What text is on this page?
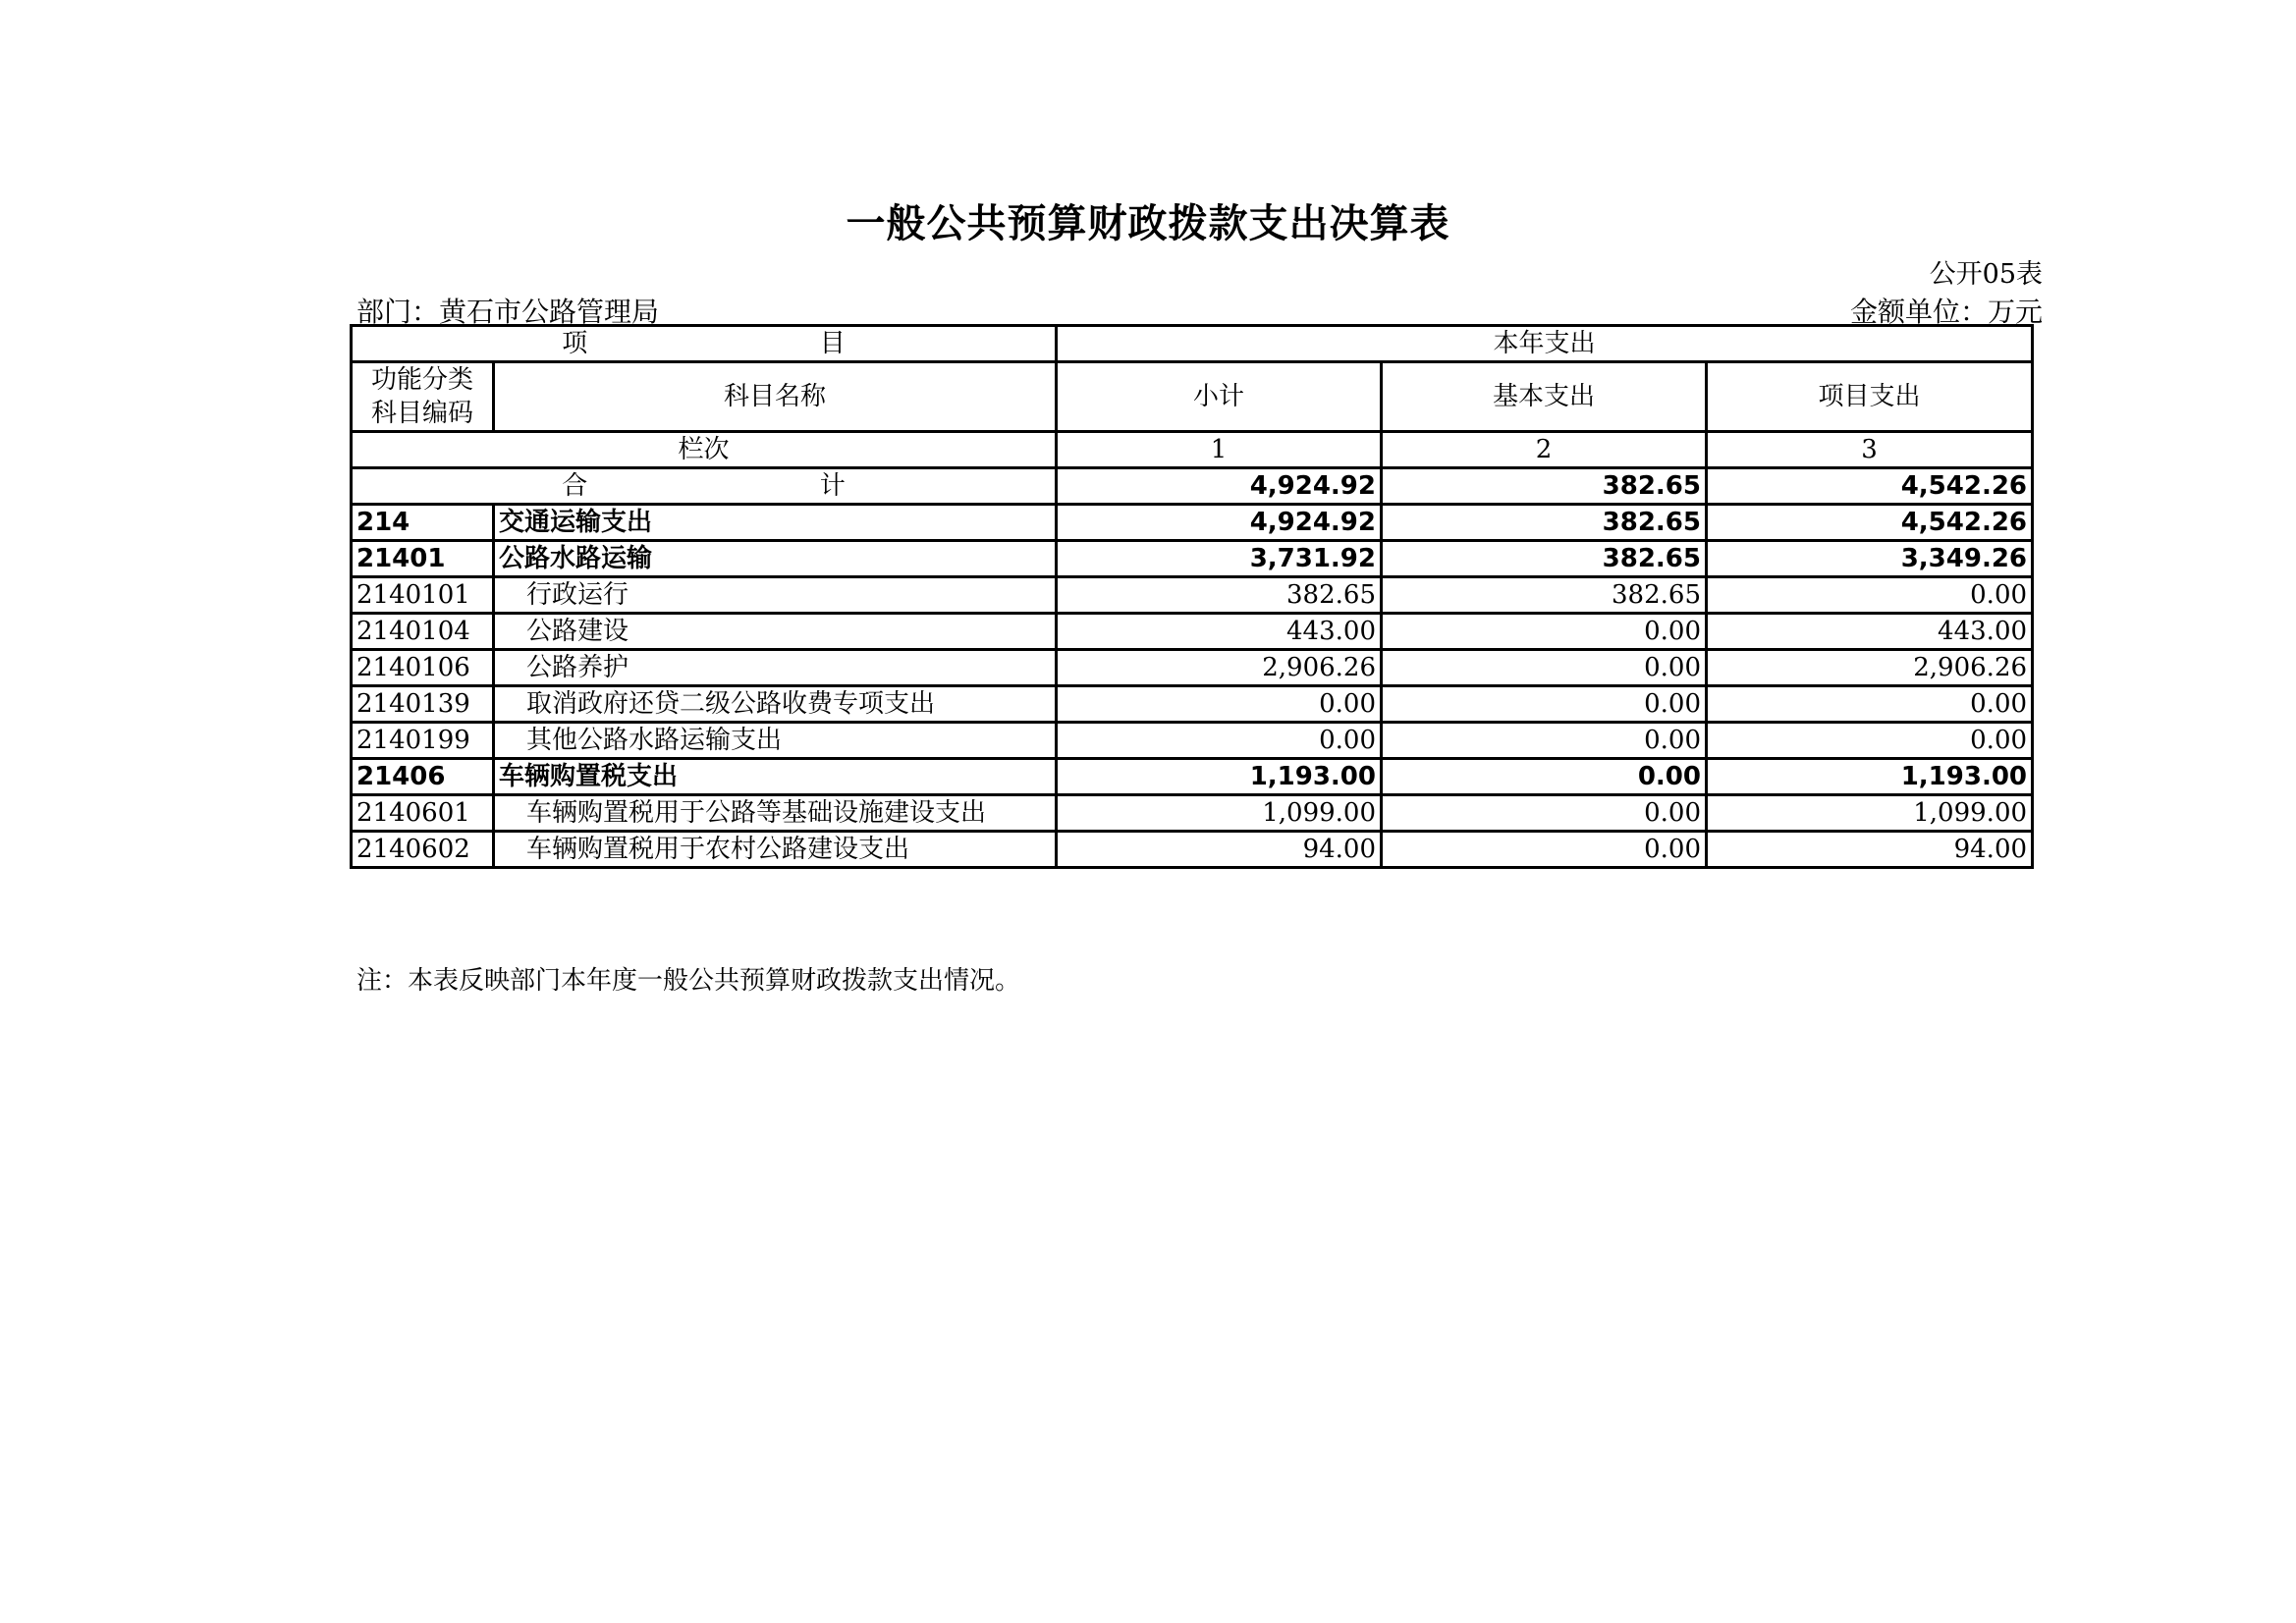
一般公共预算财政拨款支出决算表
公开05表
部门：黄石市公路管理局	金额单位：万元
项 目		本年支出		

功能分类
科目编码	科目名称	小计	基本支出	项目支出
栏次		1	2	3
合 计		4,924.92	382.65	4,542.26
214	交通运输支出	4,924.92	382.65	4,542.26
21401	公路水路运输	3,731.92	382.65	3,349.26
2140101	行政运行	382.65	382.65	0.00
2140104	公路建设	443.00	0.00	443.00
2140106	公路养护	2,906.26	0.00	2,906.26
2140139	取消政府还贷二级公路收费专项支出	0.00	0.00	0.00
2140199	其他公路水路运输支出	0.00	0.00	0.00
21406	车辆购置税支出	1,193.00	0.00	1,193.00
2140601	车辆购置税用于公路等基础设施建设支出	1,099.00	0.00	1,099.00
2140602	车辆购置税用于农村公路建设支出	94.00	0.00	94.00
注：本表反映部门本年度一般公共预算财政拨款支出情况。
